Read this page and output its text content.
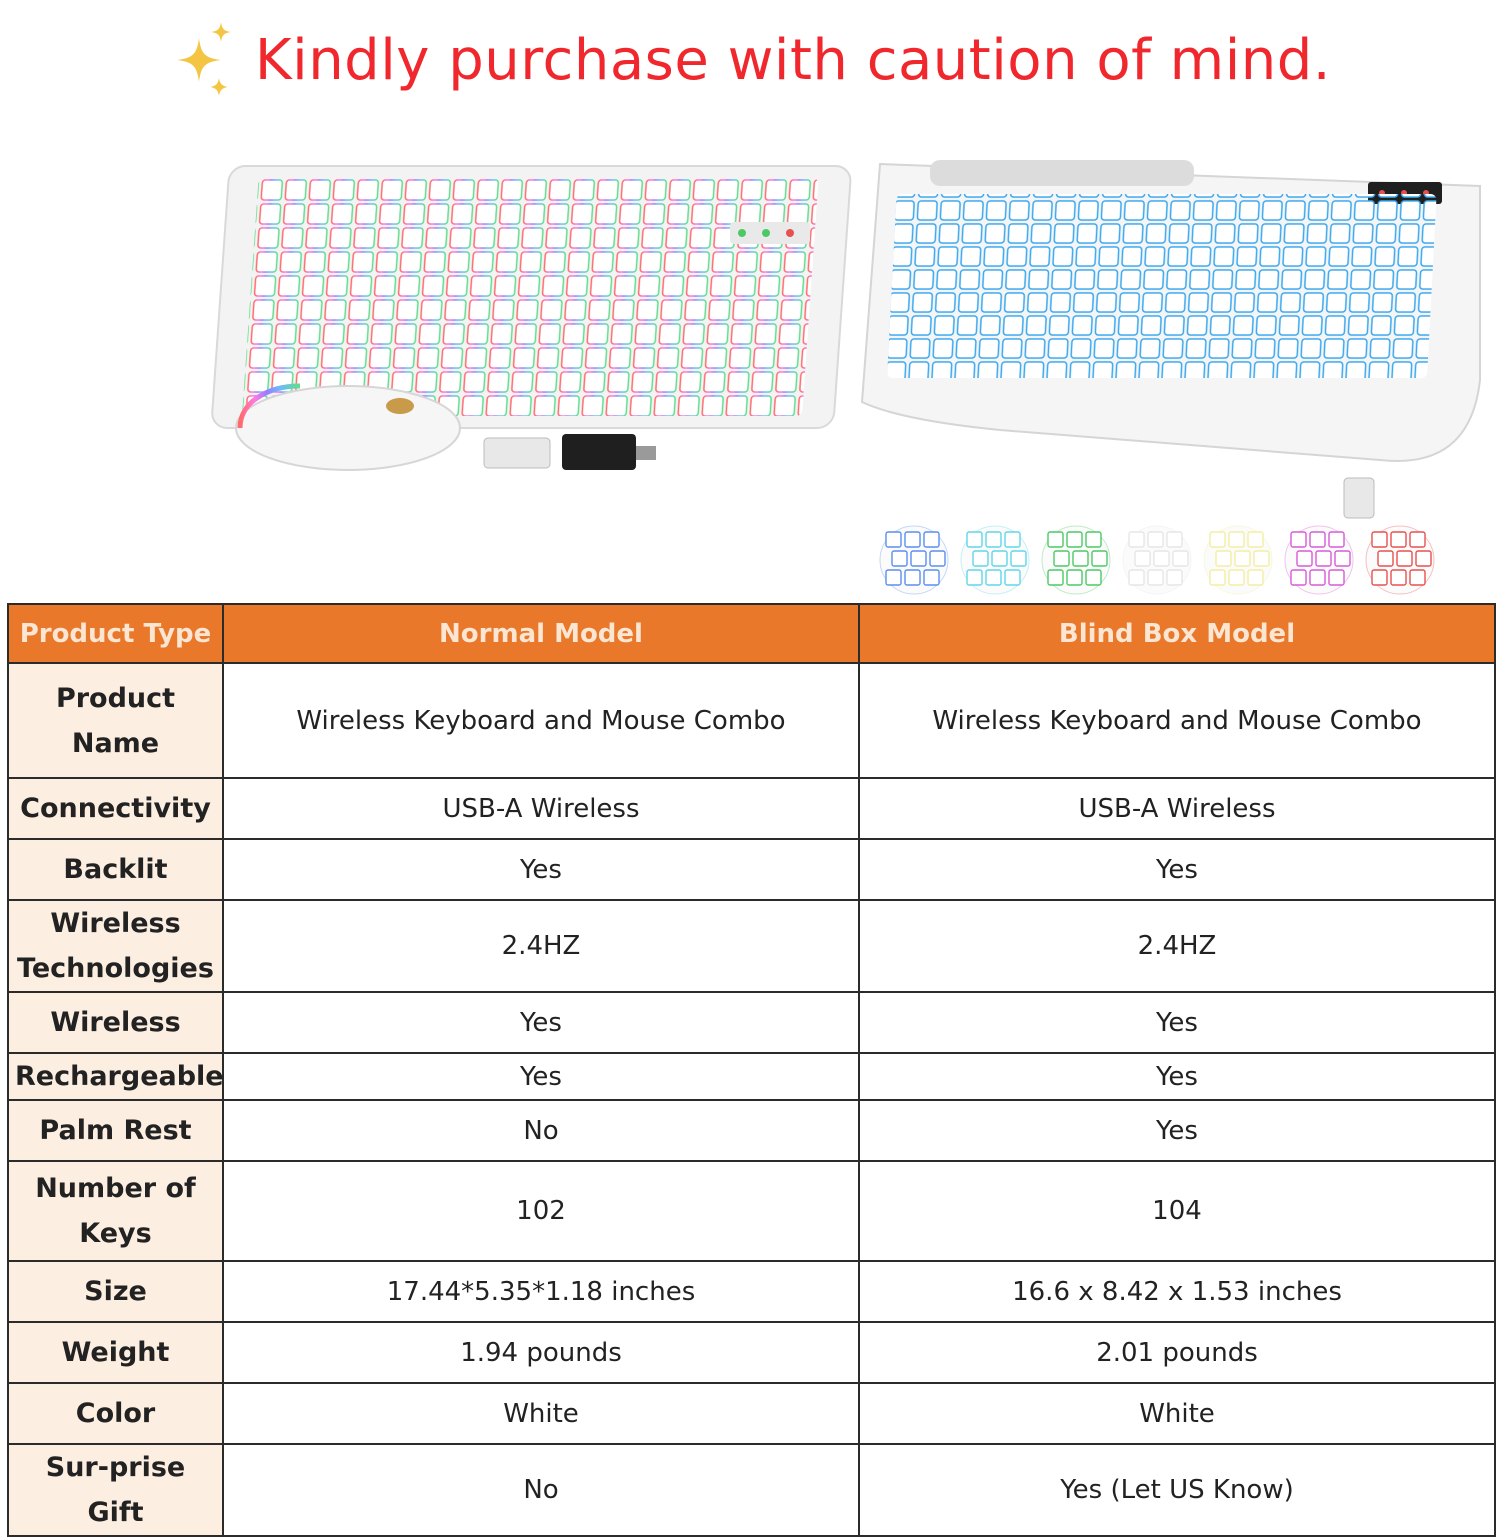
Kindly purchase with caution of mind.
Product Type	Normal Model	Blind Box Model
Product Name	Wireless Keyboard and Mouse Combo	Wireless Keyboard and Mouse Combo
Connectivity	USB-A Wireless	USB-A Wireless
Backlit	Yes	Yes
Wireless Technologies	2.4HZ	2.4HZ
Wireless	Yes	Yes
Rechargeable	Yes	Yes
Palm Rest	No	Yes
Number of Keys	102	104
Size	17.44*5.35*1.18 inches	16.6 x 8.42 x 1.53 inches
Weight	1.94 pounds	2.01 pounds
Color	White	White
Sur-prise Gift	No	Yes (Let US Know)
